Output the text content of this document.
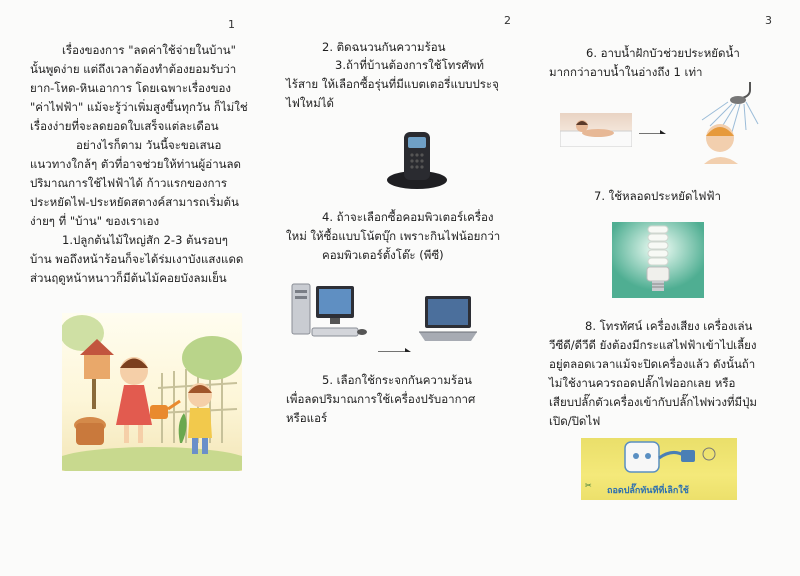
1	2	3
เรื่องของการ "ลดค่าใช้จ่ายในบ้าน"
นั้นพูดง่าย แต่ถึงเวลาต้องทำต้องยอมรับว่า
ยาก-โหด-หินเอาการ โดยเฉพาะเรื่องของ
"ค่าไฟฟ้า" แม้จะรู้ว่าเพิ่มสูงขึ้นทุกวัน ก็ไม่ใช่
เรื่องง่ายที่จะลดยอดใบเสร็จแต่ละเดือน
อย่างไรก็ตาม วันนี้จะขอเสนอ
แนวทางใกล้ๆ ตัวที่อาจช่วยให้ท่านผู้อ่านลด
ปริมาณการใช้ไฟฟ้าได้ ก้าวแรกของการ
ประหยัดไฟ-ประหยัดสตางค์สามารถเริ่มต้น
ง่ายๆ ที่ "บ้าน" ของเราเอง
1.ปลูกต้นไม้ใหญ่สัก 2-3 ต้นรอบๆ
บ้าน พอถึงหน้าร้อนก็จะได้ร่มเงาบังแสงแดด
ส่วนฤดูหน้าหนาวก็มีต้นไม้คอยบังลมเย็น
2. ติดฉนวนกันความร้อน
3.ถ้าที่บ้านต้องการใช้โทรศัพท์
ไร้สาย ให้เลือกซื้อรุ่นที่มีแบตเตอรี่แบบประจุ
ไฟใหม่ได้
4. ถ้าจะเลือกซื้อคอมพิวเตอร์เครื่อง
ใหม่ ให้ซื้อแบบโน้ตบุ๊ก เพราะกินไฟน้อยกว่า
คอมพิวเตอร์ตั้งโต๊ะ (พีซี)
5. เลือกใช้กระจกกันความร้อน
เพื่อลดปริมาณการใช้เครื่องปรับอากาศ
หรือแอร์
6. อาบน้ำฝักบัวช่วยประหยัดน้ำ
มากกว่าอาบน้ำในอ่างถึง 1 เท่า
7. ใช้หลอดประหยัดไฟฟ้า
8. โทรทัศน์ เครื่องเสียง เครื่องเล่น
วีซีดี/ดีวีดี ยังต้องมีกระแสไฟฟ้าเข้าไปเลี้ยง
อยู่ตลอดเวลาแม้จะปิดเครื่องแล้ว ดังนั้นถ้า
ไม่ใช้งานควรถอดปลั๊กไฟออกเลย หรือ
เสียบปลั๊กตัวเครื่องเข้ากับปลั๊กไฟพ่วงที่มีปุ่ม
เปิด/ปิดไฟ
✂
ถอดปลั๊กทันทีที่เลิกใช้
